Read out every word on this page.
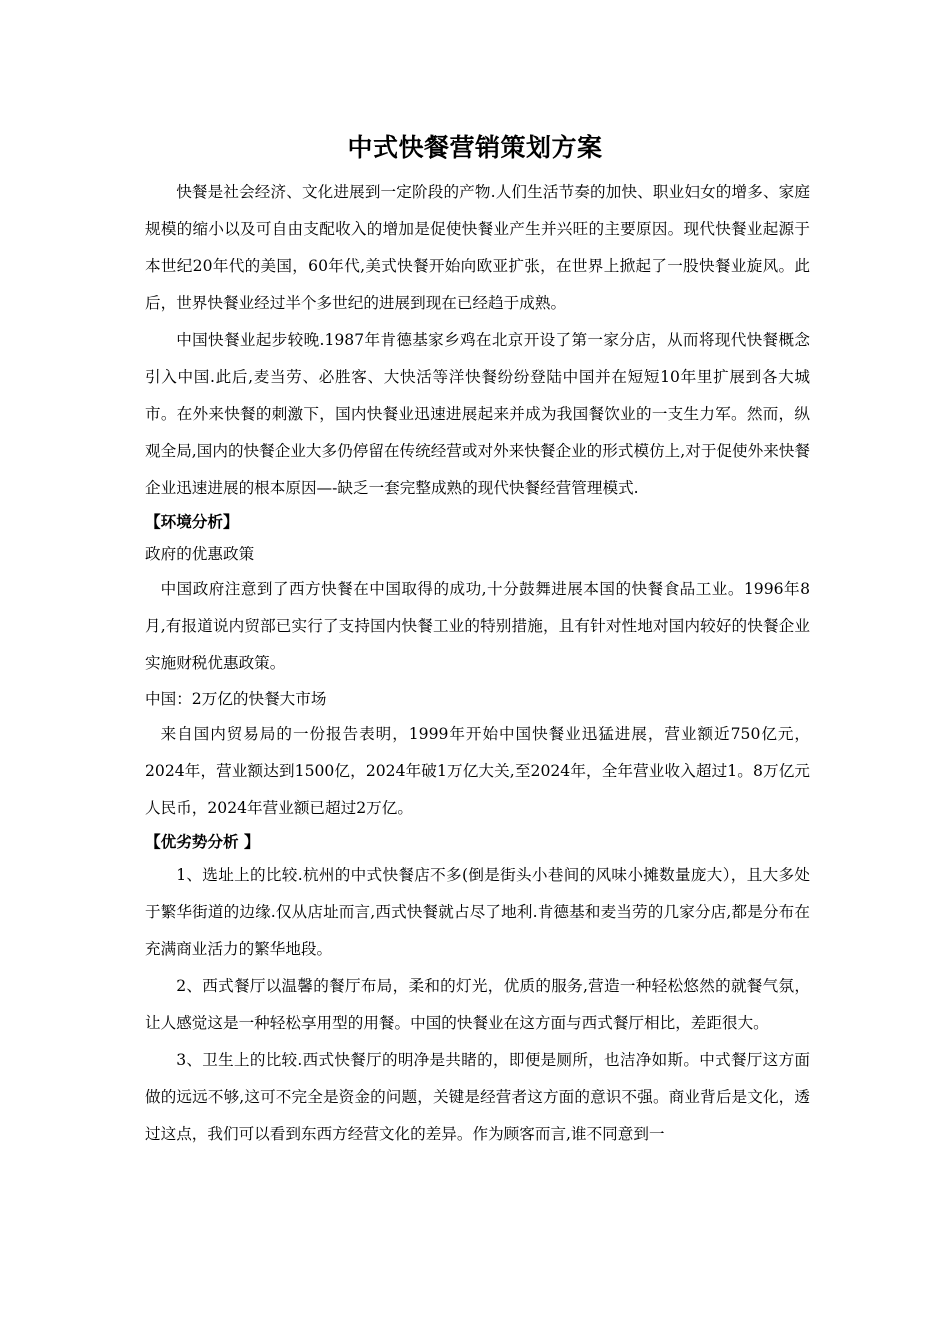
中式快餐营销策划方案

快餐是社会经济、文化进展到一定阶段的产物.人们生活节奏的加快、职业妇女的增多、家庭规模的缩小以及可自由支配收入的增加是促使快餐业产生并兴旺的主要原因。现代快餐业起源于本世纪20年代的美国，60年代,美式快餐开始向欧亚扩张，在世界上掀起了一股快餐业旋风。此后，世界快餐业经过半个多世纪的进展到现在已经趋于成熟。

中国快餐业起步较晚.1987年肯德基家乡鸡在北京开设了第一家分店，从而将现代快餐概念引入中国.此后,麦当劳、必胜客、大快活等洋快餐纷纷登陆中国并在短短10年里扩展到各大城市。在外来快餐的刺激下，国内快餐业迅速进展起来并成为我国餐饮业的一支生力军。然而，纵观全局,国内的快餐企业大多仍停留在传统经营或对外来快餐企业的形式模仿上,对于促使外来快餐企业迅速进展的根本原因—-缺乏一套完整成熟的现代快餐经营管理模式.

【环境分析】

政府的优惠政策

中国政府注意到了西方快餐在中国取得的成功,十分鼓舞进展本国的快餐食品工业。1996年8月,有报道说内贸部已实行了支持国内快餐工业的特别措施，且有针对性地对国内较好的快餐企业实施财税优惠政策。

中国：2万亿的快餐大市场

来自国内贸易局的一份报告表明，1999年开始中国快餐业迅猛进展，营业额近750亿元，2024年，营业额达到1500亿，2024年破1万亿大关,至2024年，全年营业收入超过1。8万亿元人民币，2024年营业额已超过2万亿。

【优劣势分析 】

1、选址上的比较.杭州的中式快餐店不多(倒是街头小巷间的风味小摊数量庞大），且大多处于繁华街道的边缘.仅从店址而言,西式快餐就占尽了地利.肯德基和麦当劳的几家分店,都是分布在充满商业活力的繁华地段。

2、西式餐厅以温馨的餐厅布局，柔和的灯光，优质的服务,营造一种轻松悠然的就餐气氛，让人感觉这是一种轻松享用型的用餐。中国的快餐业在这方面与西式餐厅相比，差距很大。

3、卫生上的比较.西式快餐厅的明净是共睹的，即便是厕所，也洁净如斯。中式餐厅这方面做的远远不够,这可不完全是资金的问题，关键是经营者这方面的意识不强。商业背后是文化，透过这点，我们可以看到东西方经营文化的差异。作为顾客而言,谁不同意到一
